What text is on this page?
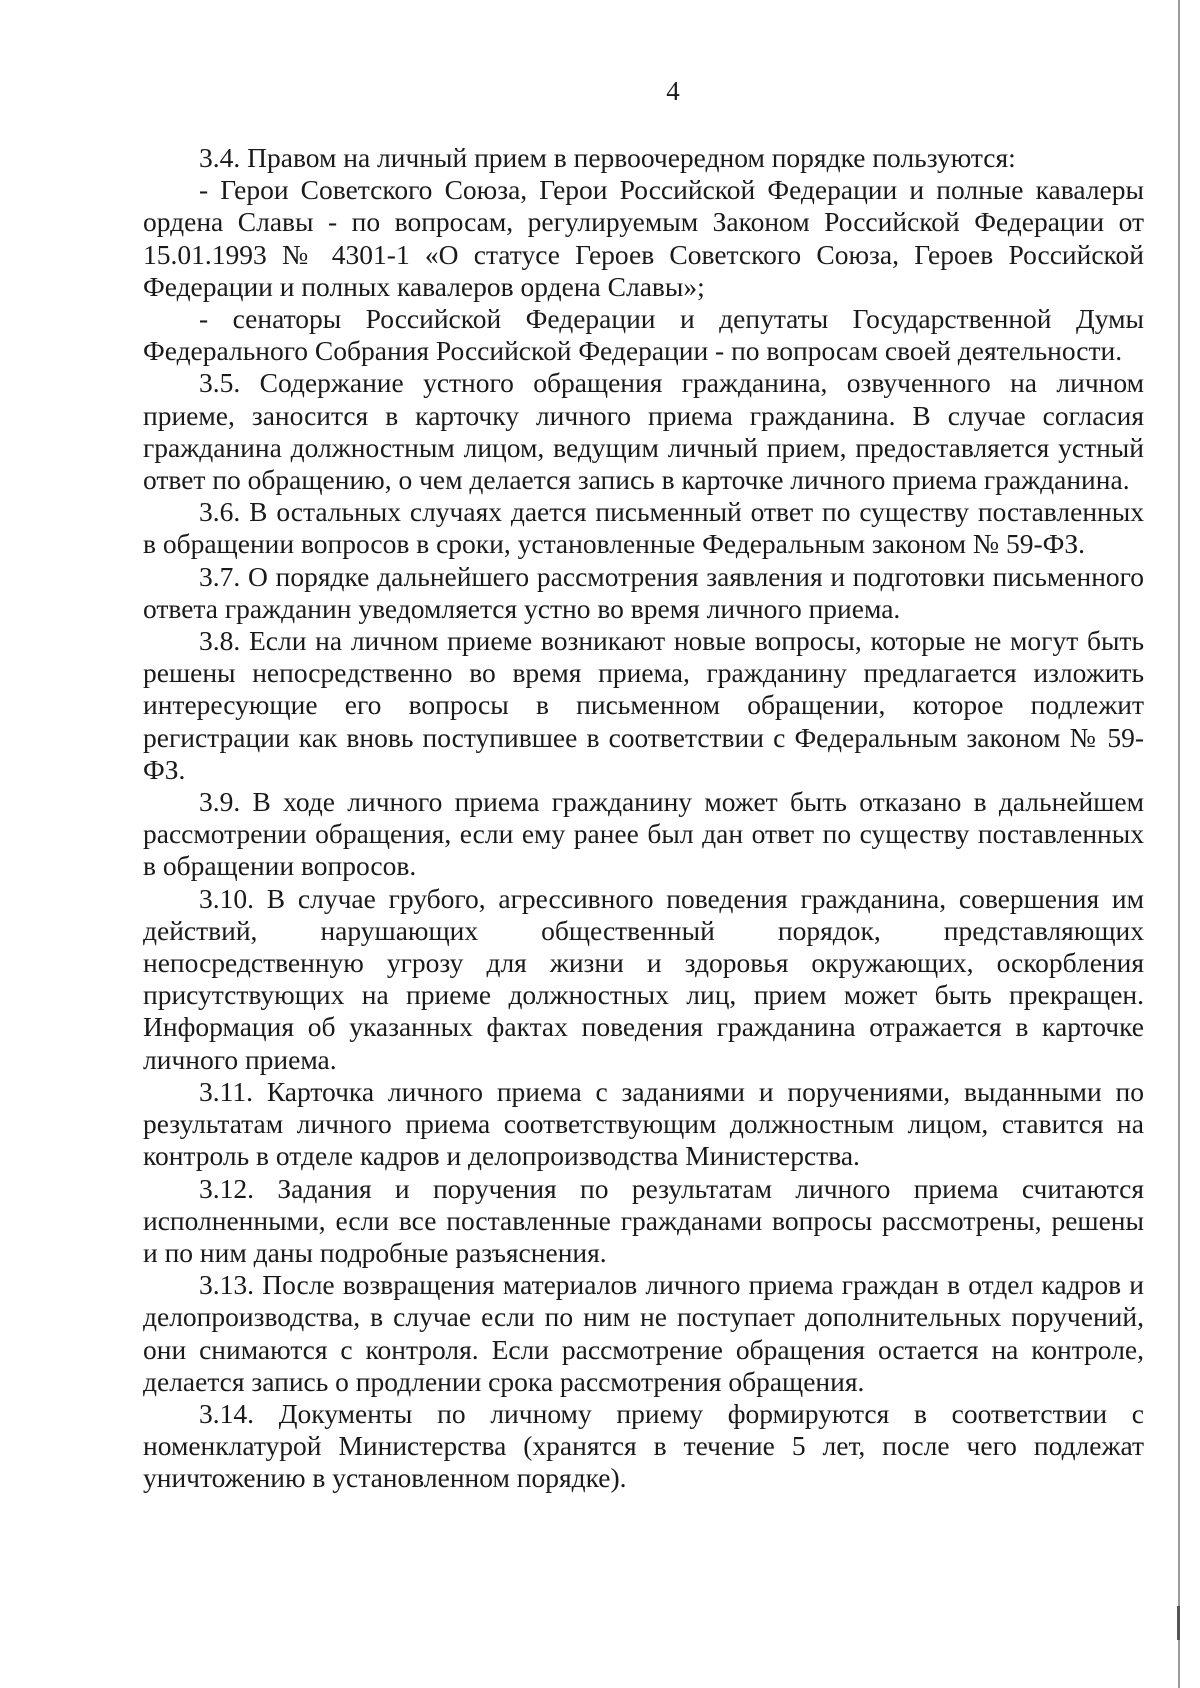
4

3.4. Правом на личный прием в первоочередном порядке пользуются:

- Герои Советского Союза, Герои Российской Федерации и полные кавалеры ордена Славы - по вопросам, регулируемым Законом Российской Федерации от 15.01.1993 № 4301-1 «О статусе Героев Советского Союза, Героев Российской Федерации и полных кавалеров ордена Славы»;

- сенаторы Российской Федерации и депутаты Государственной Думы Федерального Собрания Российской Федерации - по вопросам своей деятельности.

3.5. Содержание устного обращения гражданина, озвученного на личном приеме, заносится в карточку личного приема гражданина. В случае согласия гражданина должностным лицом, ведущим личный прием, предоставляется устный ответ по обращению, о чем делается запись в карточке личного приема гражданина.

3.6. В остальных случаях дается письменный ответ по существу поставленных в обращении вопросов в сроки, установленные Федеральным законом № 59-ФЗ.

3.7. О порядке дальнейшего рассмотрения заявления и подготовки письменного ответа гражданин уведомляется устно во время личного приема.

3.8. Если на личном приеме возникают новые вопросы, которые не могут быть решены непосредственно во время приема, гражданину предлагается изложить интересующие его вопросы в письменном обращении, которое подлежит регистрации как вновь поступившее в соответствии с Федеральным законом № 59-ФЗ.

3.9. В ходе личного приема гражданину может быть отказано в дальнейшем рассмотрении обращения, если ему ранее был дан ответ по существу поставленных в обращении вопросов.

3.10. В случае грубого, агрессивного поведения гражданина, совершения им действий, нарушающих общественный порядок, представляющих непосредственную угрозу для жизни и здоровья окружающих, оскорбления присутствующих на приеме должностных лиц, прием может быть прекращен. Информация об указанных фактах поведения гражданина отражается в карточке личного приема.

3.11. Карточка личного приема с заданиями и поручениями, выданными по результатам личного приема соответствующим должностным лицом, ставится на контроль в отделе кадров и делопроизводства Министерства.

3.12. Задания и поручения по результатам личного приема считаются исполненными, если все поставленные гражданами вопросы рассмотрены, решены и по ним даны подробные разъяснения.

3.13. После возвращения материалов личного приема граждан в отдел кадров и делопроизводства, в случае если по ним не поступает дополнительных поручений, они снимаются с контроля. Если рассмотрение обращения остается на контроле, делается запись о продлении срока рассмотрения обращения.

3.14. Документы по личному приему формируются в соответствии с номенклатурой Министерства (хранятся в течение 5 лет, после чего подлежат уничтожению в установленном порядке).
